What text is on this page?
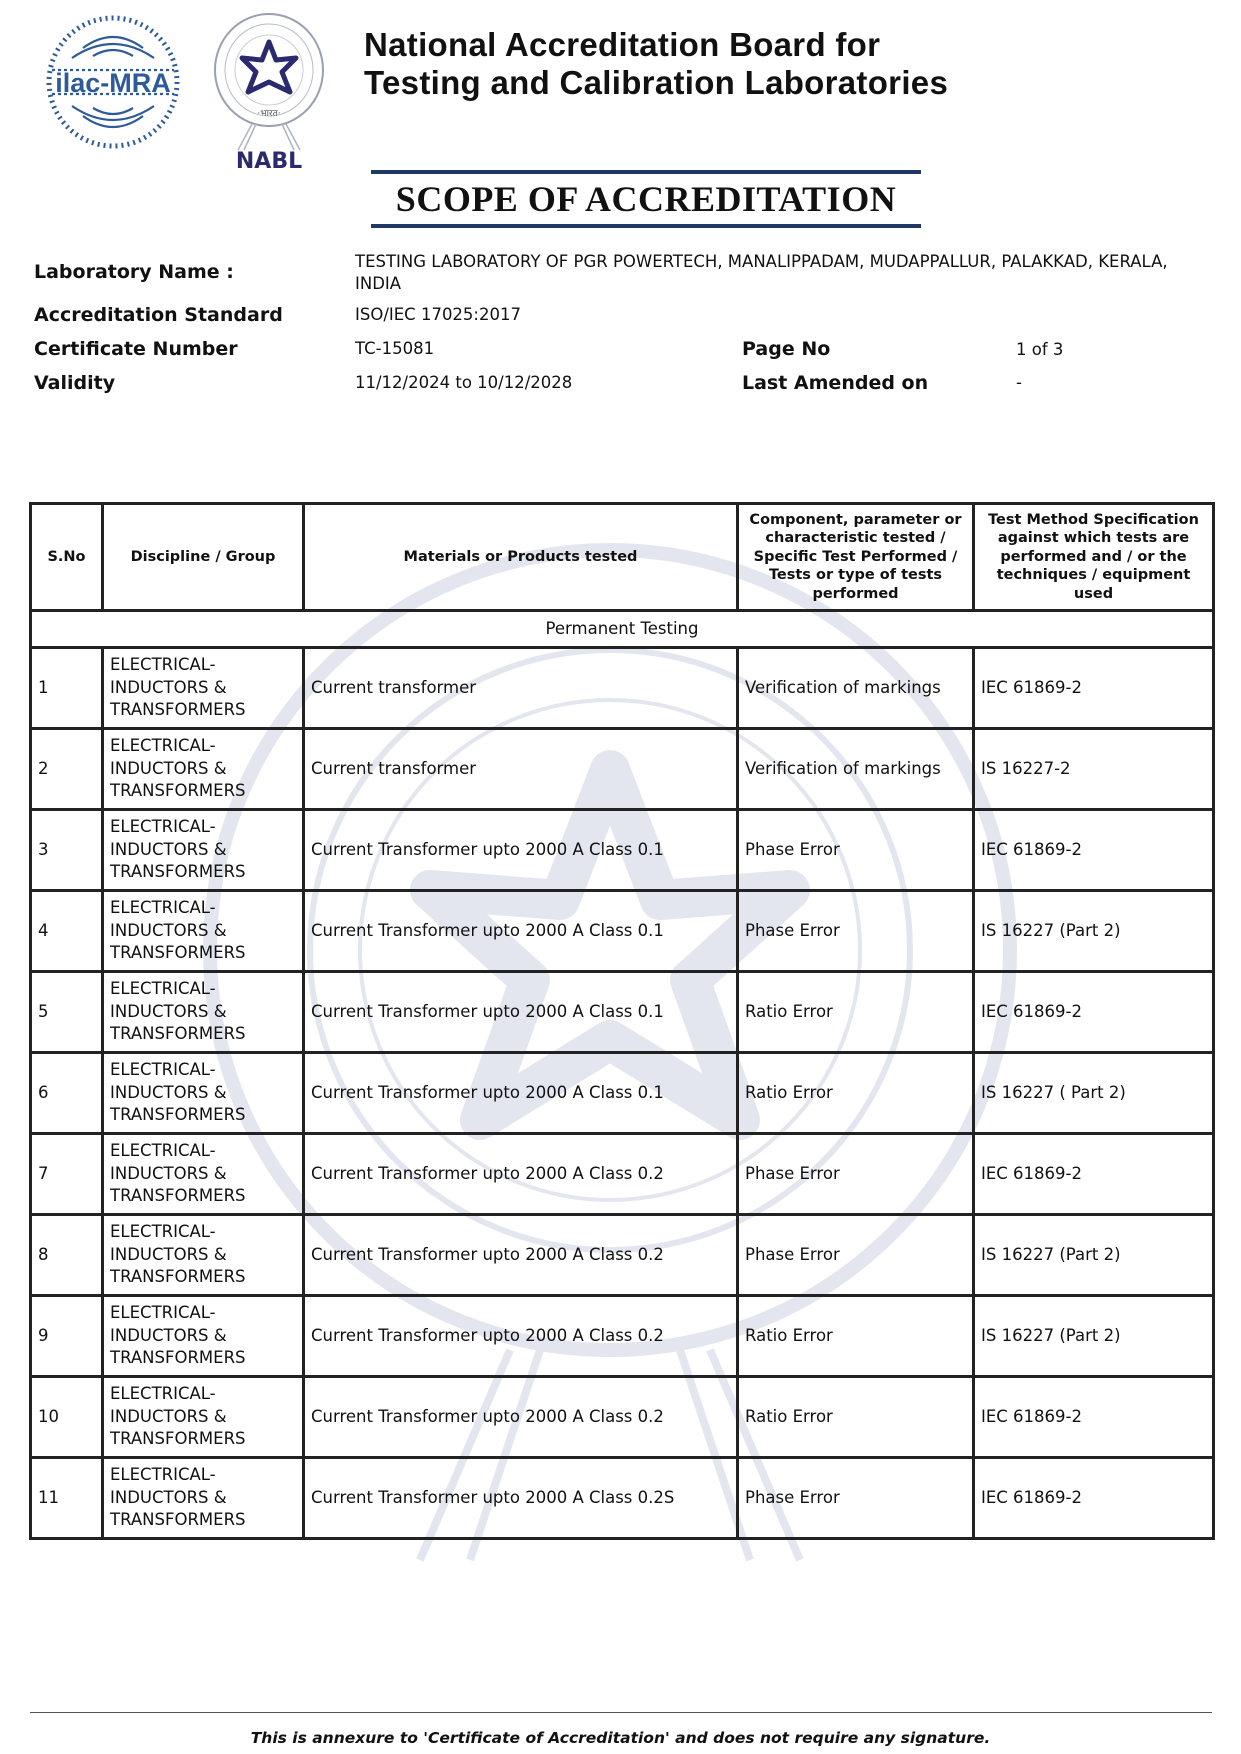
ilac-MRA
·भारत·
NABL
National Accreditation Board for
Testing and Calibration Laboratories
SCOPE OF ACCREDITATION
Laboratory Name :	TESTING LABORATORY OF PGR POWERTECH, MANALIPPADAM, MUDAPPALLUR, PALAKKAD, KERALA,
INDIA
Accreditation Standard	ISO/IEC 17025:2017
Certificate Number	TC-15081	Page No	1 of 3
Validity	11/12/2024 to 10/12/2028	Last Amended on	-
S.No	Discipline / Group	Materials or Products tested	Component, parameter or characteristic tested / Specific Test Performed / Tests or type of tests performed	Test Method Specification against which tests are performed and / or the techniques / equipment used
Permanent Testing				
1	ELECTRICAL- INDUCTORS & TRANSFORMERS	Current transformer	Verification of markings	IEC 61869-2
2	ELECTRICAL- INDUCTORS & TRANSFORMERS	Current transformer	Verification of markings	IS 16227-2
3	ELECTRICAL- INDUCTORS & TRANSFORMERS	Current Transformer upto 2000 A Class 0.1	Phase Error	IEC 61869-2
4	ELECTRICAL- INDUCTORS & TRANSFORMERS	Current Transformer upto 2000 A Class 0.1	Phase Error	IS 16227 (Part 2)
5	ELECTRICAL- INDUCTORS & TRANSFORMERS	Current Transformer upto 2000 A Class 0.1	Ratio Error	IEC 61869-2
6	ELECTRICAL- INDUCTORS & TRANSFORMERS	Current Transformer upto 2000 A Class 0.1	Ratio Error	IS 16227 ( Part 2)
7	ELECTRICAL- INDUCTORS & TRANSFORMERS	Current Transformer upto 2000 A Class 0.2	Phase Error	IEC 61869-2
8	ELECTRICAL- INDUCTORS & TRANSFORMERS	Current Transformer upto 2000 A Class 0.2	Phase Error	IS 16227 (Part 2)
9	ELECTRICAL- INDUCTORS & TRANSFORMERS	Current Transformer upto 2000 A Class 0.2	Ratio Error	IS 16227 (Part 2)
10	ELECTRICAL- INDUCTORS & TRANSFORMERS	Current Transformer upto 2000 A Class 0.2	Ratio Error	IEC 61869-2
11	ELECTRICAL- INDUCTORS & TRANSFORMERS	Current Transformer upto 2000 A Class 0.2S	Phase Error	IEC 61869-2
This is annexure to 'Certificate of Accreditation' and does not require any signature.
